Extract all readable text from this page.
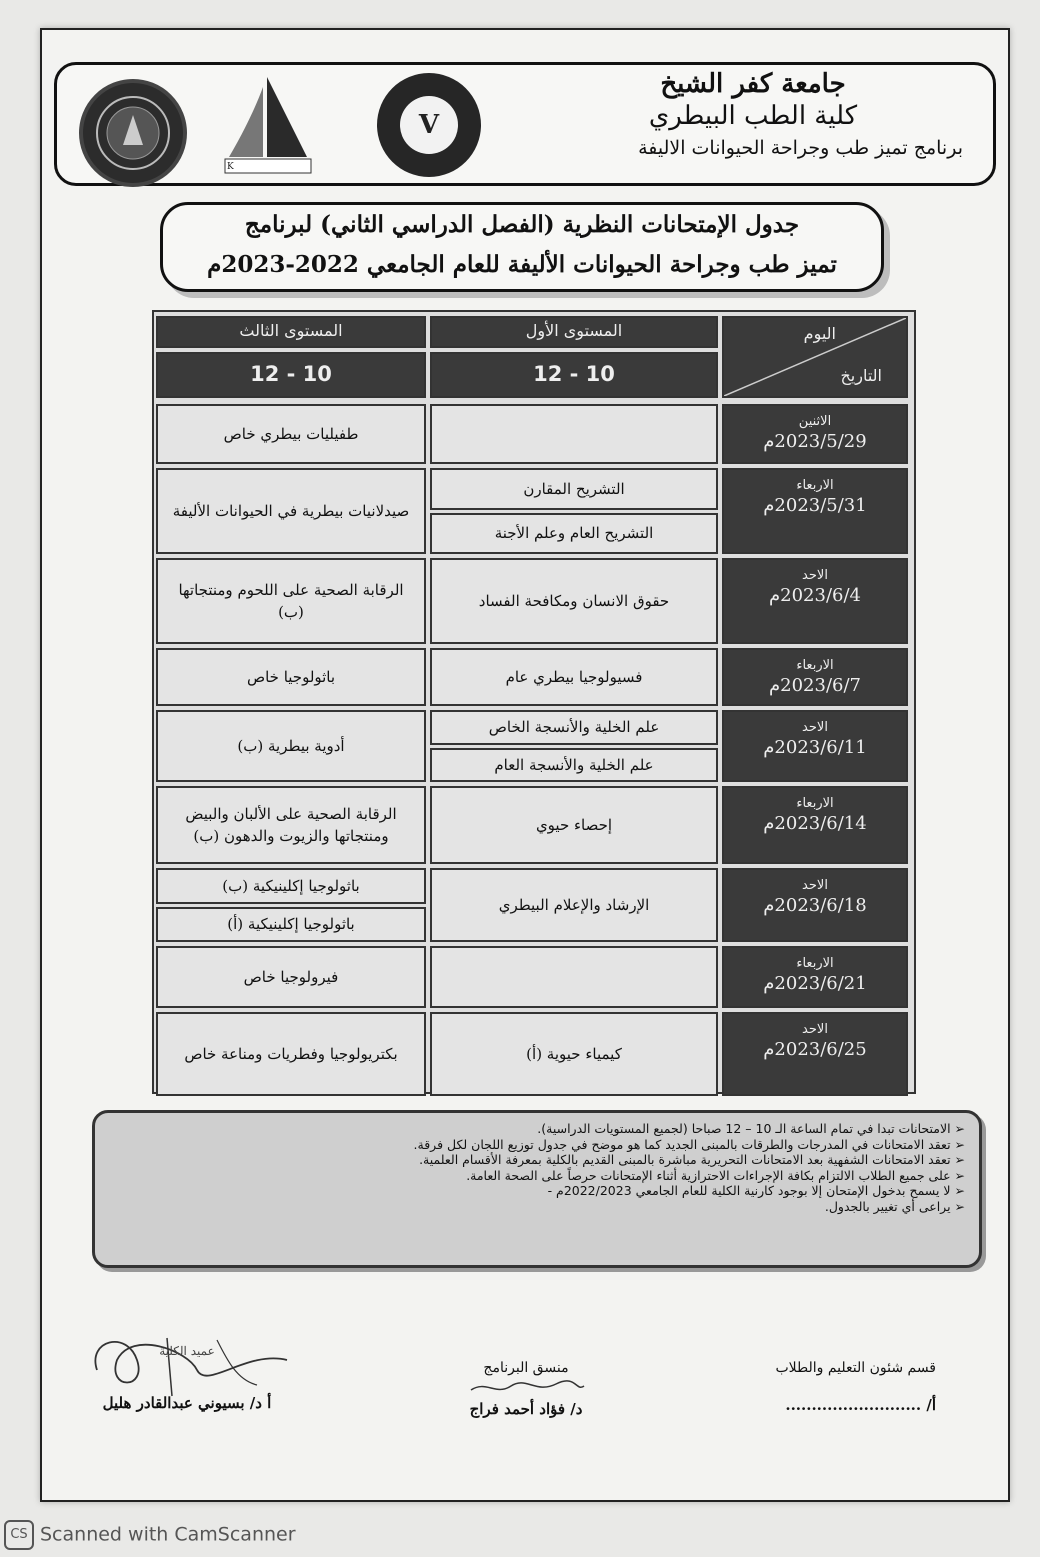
K
V
جامعة كفر الشيخ
كلية الطب البيطري
برنامج تميز طب وجراحة الحيوانات الاليفة
جدول الإمتحانات النظرية (الفصل الدراسي الثاني) لبرنامج
تميز طب وجراحة الحيوانات الأليفة للعام الجامعي 2022-2023م
اليوم
التاريخ
المستوى الأول
المستوى الثالث
12 - 10
12 - 10
الاثنين
2023/5/29م
طفيليات بيطري خاص
الاربعاء
2023/5/31م
التشريح المقارن
التشريح العام وعلم الأجنة
صيدلانيات بيطرية في الحيوانات الأليفة
الاحد
2023/6/4م
حقوق الانسان ومكافحة الفساد
الرقابة الصحية على اللحوم ومنتجاتها (ب)
الاربعاء
2023/6/7م
فسيولوجيا بيطري عام
باثولوجيا خاص
الاحد
2023/6/11م
علم الخلية والأنسجة الخاص
علم الخلية والأنسجة العام
أدوية بيطرية (ب)
الاربعاء
2023/6/14م
إحصاء حيوي
الرقابة الصحية على الألبان والبيض ومنتجاتها والزيوت والدهون (ب)
الاحد
2023/6/18م
الإرشاد والإعلام البيطري
باثولوجيا إكلينيكية (ب)
باثولوجيا إكلينيكية (أ)
الاربعاء
2023/6/21م
فيرولوجيا خاص
الاحد
2023/6/25م
كيمياء حيوية (أ)
بكتريولوجيا وفطريات ومناعة خاص
➢ الامتحانات تبدا في تمام الساعة الـ 10 – 12 صباحا (لجميع المستويات الدراسية).
➢ تعقد الامتحانات في المدرجات والطرقات بالمبنى الجديد كما هو موضح في جدول توزيع اللجان لكل فرقة.
➢ تعقد الامتحانات الشفهية بعد الامتحانات التحريرية مباشرة بالمبنى القديم بالكلية بمعرفة الأقسام العلمية.
➢ على جميع الطلاب الالتزام بكافة الإجراءات الاحترازية أثناء الإمتحانات حرصاً على الصحة العامة.
➢ لا يسمح بدخول الإمتحان إلا بوجود كارنية الكلية للعام الجامعي 2022/2023م -
➢ يراعى أي تغيير بالجدول.
قسم شئون التعليم والطلاب
أ/ ..........................
منسق البرنامج
د/ فؤاد أحمد فراج
عميد الكلية
أ د/ بسيوني عبدالقادر هليل
CS Scanned with CamScanner
